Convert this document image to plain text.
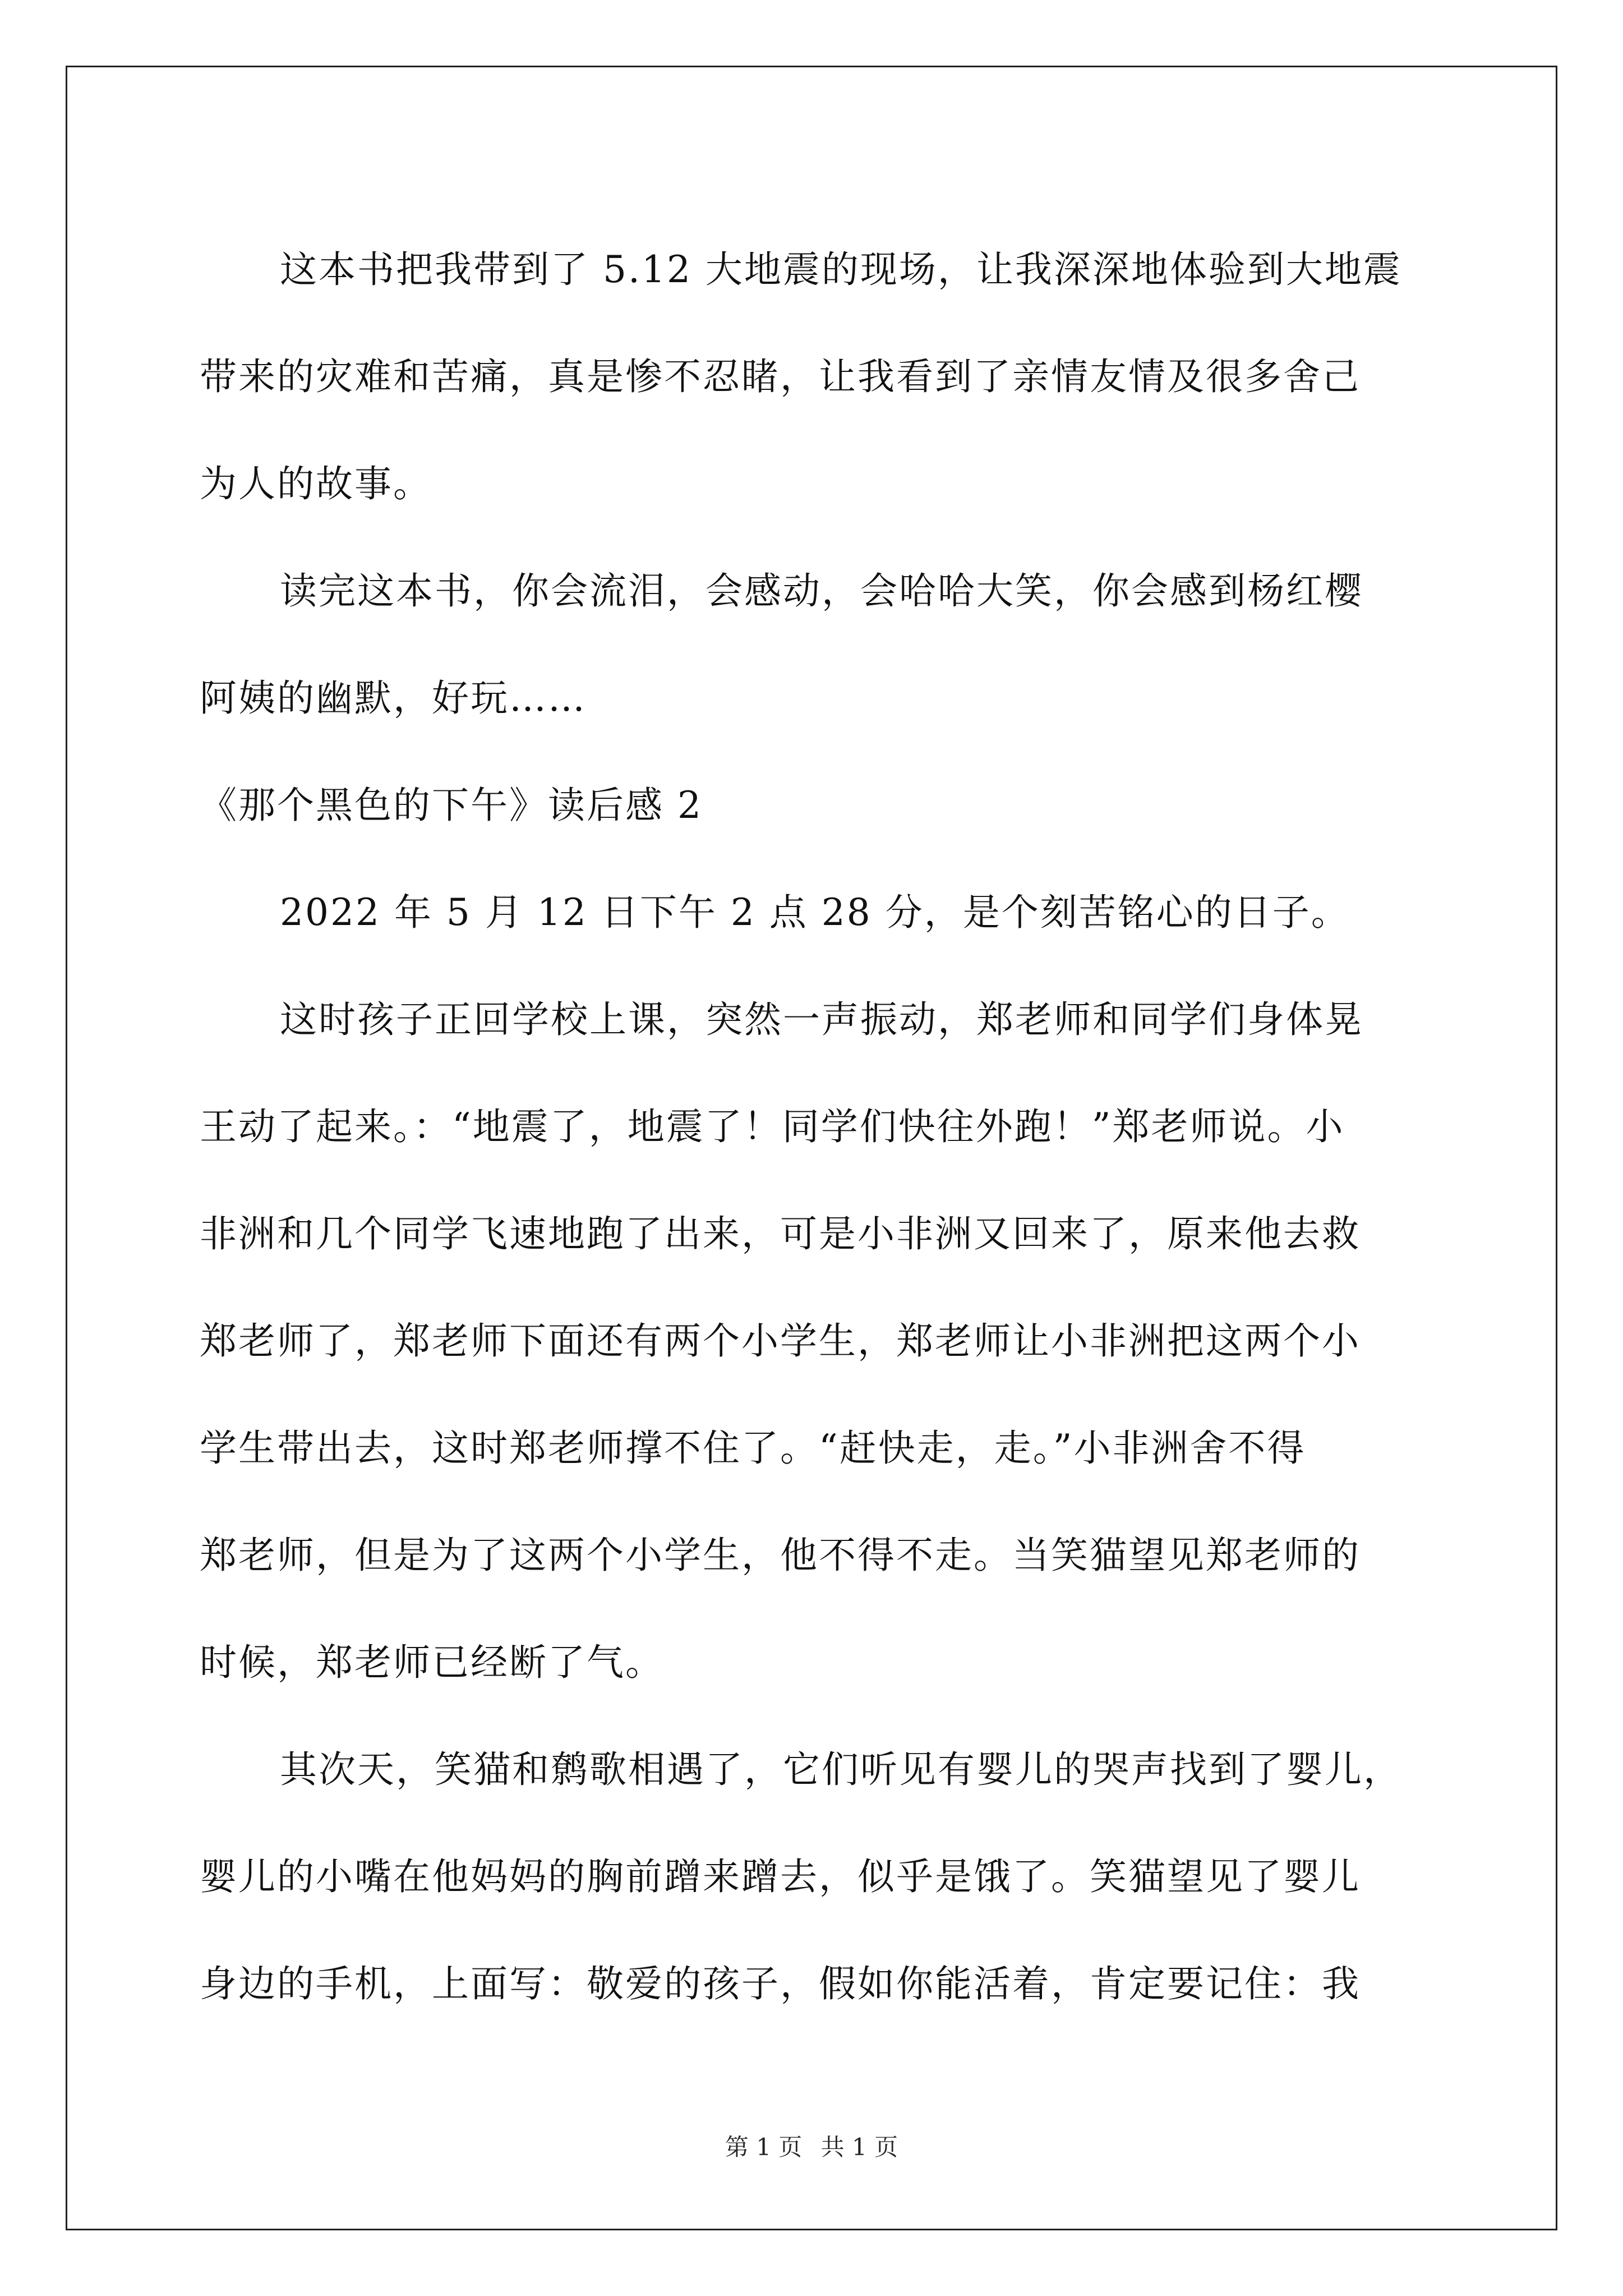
这本书把我带到了 5.12 大地震的现场，让我深深地体验到大地震
带来的灾难和苦痛，真是惨不忍睹，让我看到了亲情友情及很多舍己
为人的故事。
读完这本书，你会流泪，会感动，会哈哈大笑，你会感到杨红樱
阿姨的幽默，好玩……
《那个黑色的下午》读后感 2
2022 年 5 月 12 日下午 2 点 28 分，是个刻苦铭心的日子。
这时孩子正回学校上课，突然一声振动，郑老师和同学们身体晃
王动了起来。：“地震了，地震了！同学们快往外跑！”郑老师说。小
非洲和几个同学飞速地跑了出来，可是小非洲又回来了，原来他去救
郑老师了，郑老师下面还有两个小学生，郑老师让小非洲把这两个小
学生带出去，这时郑老师撑不住了。“赶快走，走。”小非洲舍不得
郑老师，但是为了这两个小学生，他不得不走。当笑猫望见郑老师的
时候，郑老师已经断了气。
其次天，笑猫和鹩歌相遇了，它们听见有婴儿的哭声找到了婴儿，
婴儿的小嘴在他妈妈的胸前蹭来蹭去，似乎是饿了。笑猫望见了婴儿
身边的手机，上面写：敬爱的孩子，假如你能活着，肯定要记住：我
第 1 页 共 1 页
